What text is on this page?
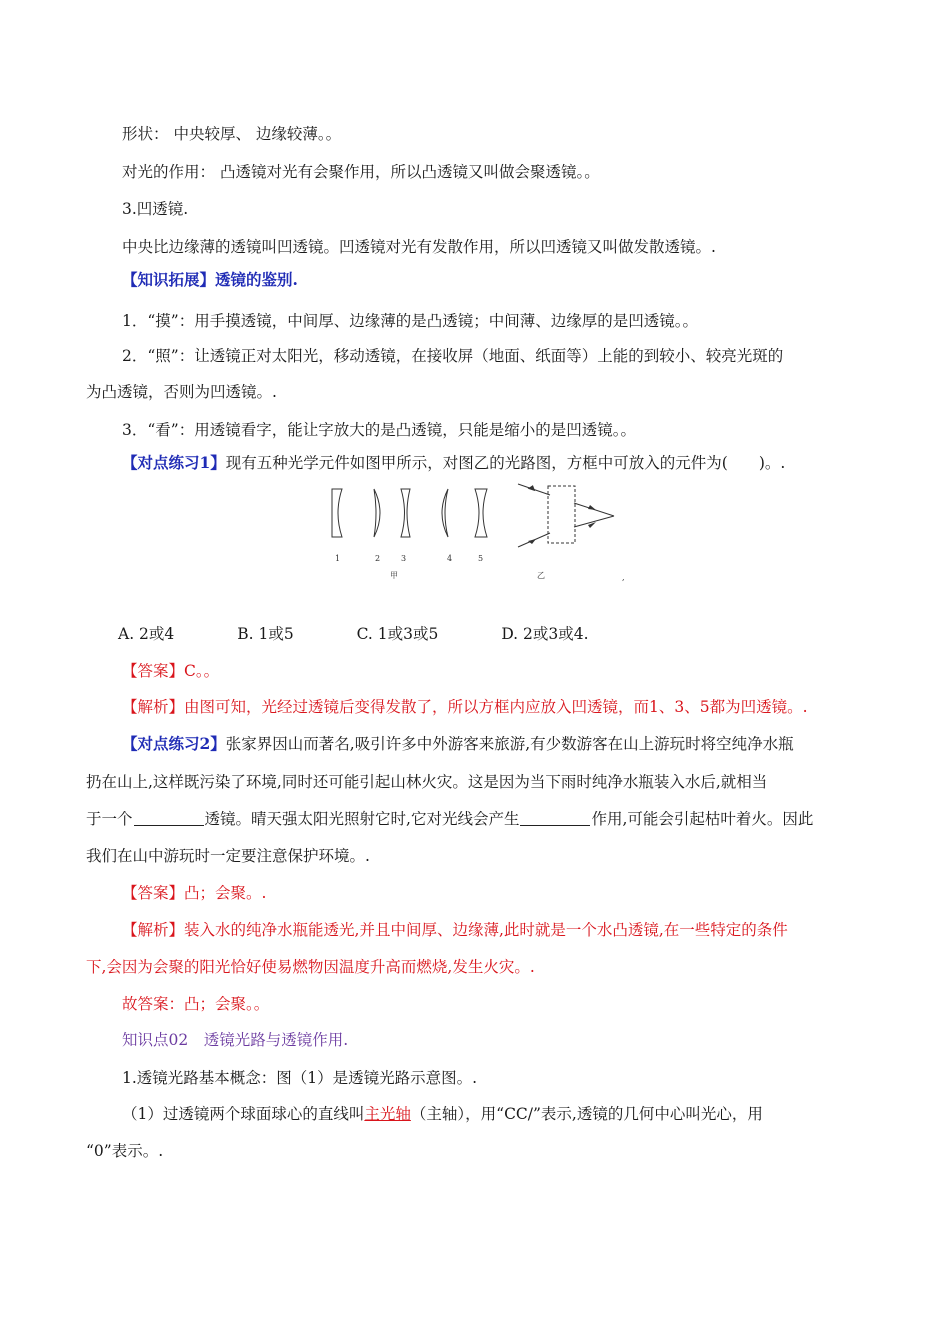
形状： 中央较厚、 边缘较薄。。
对光的作用： 凸透镜对光有会聚作用，所以凸透镜又叫做会聚透镜。。
3.凹透镜.
中央比边缘薄的透镜叫凹透镜。凹透镜对光有发散作用，所以凹透镜又叫做发散透镜。.
【知识拓展】透镜的鉴别.
1．“摸”：用手摸透镜，中间厚、边缘薄的是凸透镜；中间薄、边缘厚的是凹透镜。。
2．“照”：让透镜正对太阳光，移动透镜，在接收屏（地面、纸面等）上能的到较小、较亮光斑的
为凸透镜，否则为凹透镜。.
3．“看”：用透镜看字，能让字放大的是凸透镜，只能是缩小的是凹透镜。。
【对点练习1】现有五种光学元件如图甲所示，对图乙的光路图，方框中可放入的元件为(　　)。.
1	2	3	4	5
甲	乙	,
A. 2或4	B. 1或5	C. 1或3或5	D. 2或3或4.
【答案】C。。
【解析】由图可知，光经过透镜后变得发散了，所以方框内应放入凹透镜，而1、3、5都为凹透镜。.
【对点练习2】张家界因山而著名,吸引许多中外游客来旅游,有少数游客在山上游玩时将空纯净水瓶
扔在山上,这样既污染了环境,同时还可能引起山林火灾。这是因为当下雨时纯净水瓶装入水后,就相当
于一个	透镜。晴天强太阳光照射它时,它对光线会产生	作用,可能会引起枯叶着火。因此
我们在山中游玩时一定要注意保护环境。.
【答案】凸；会聚。.
【解析】装入水的纯净水瓶能透光,并且中间厚、边缘薄,此时就是一个水凸透镜,在一些特定的条件
下,会因为会聚的阳光恰好使易燃物因温度升高而燃烧,发生火灾。.
故答案：凸；会聚。。
知识点02　透镜光路与透镜作用.
1.透镜光路基本概念：图（1）是透镜光路示意图。.
（1）过透镜两个球面球心的直线叫主光轴（主轴），用“CC/”表示,透镜的几何中心叫光心，用
“0”表示。.
